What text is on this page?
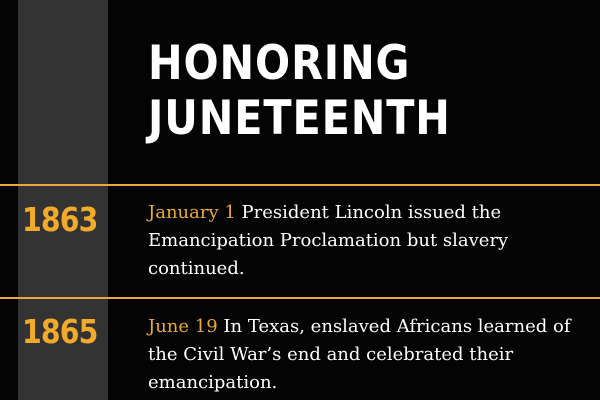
HONORING
JUNETEENTH
1863	January 1 President Lincoln issued the Emancipation Proclamation but slavery continued.

1865	June 19 In Texas, enslaved Africans learned of the Civil War’s end and celebrated their emancipation.
